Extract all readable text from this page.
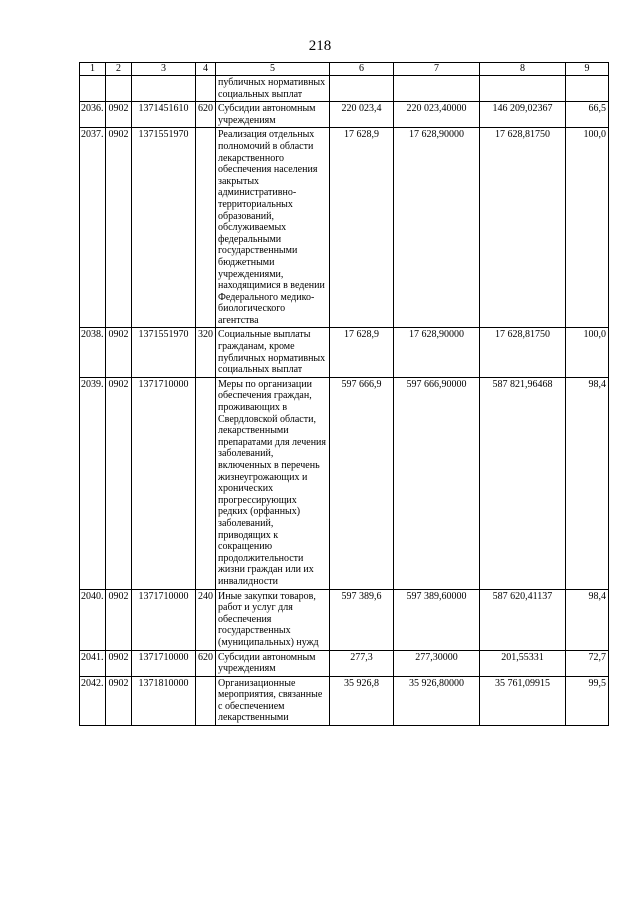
218
1	2	3	4	5	6	7	8	9
				публичных нормативных социальных выплат				
2036.	0902	1371451610	620	Субсидии автономным учреждениям	220 023,4	220 023,40000	146 209,02367	66,5
2037.	0902	1371551970		Реализация отдельных полномочий в области лекарственного обеспечения населения закрытых административно-территориальных образований, обслуживаемых федеральными государственными бюджетными учреждениями, находящимися в ведении Федерального медико-биологического агентства	17 628,9	17 628,90000	17 628,81750	100,0
2038.	0902	1371551970	320	Социальные выплаты гражданам, кроме публичных нормативных социальных выплат	17 628,9	17 628,90000	17 628,81750	100,0
2039.	0902	1371710000		Меры по организации обеспечения граждан, проживающих в Свердловской области, лекарственными препаратами для лечения заболеваний, включенных в перечень жизнеугрожающих и хронических прогрессирующих редких (орфанных) заболеваний, приводящих к сокращению продолжительности жизни граждан или их инвалидности	597 666,9	597 666,90000	587 821,96468	98,4
2040.	0902	1371710000	240	Иные закупки товаров, работ и услуг для обеспечения государственных (муниципальных) нужд	597 389,6	597 389,60000	587 620,41137	98,4
2041.	0902	1371710000	620	Субсидии автономным учреждениям	277,3	277,30000	201,55331	72,7
2042.	0902	1371810000		Организационные мероприятия, связанные с обеспечением лекарственными	35 926,8	35 926,80000	35 761,09915	99,5
